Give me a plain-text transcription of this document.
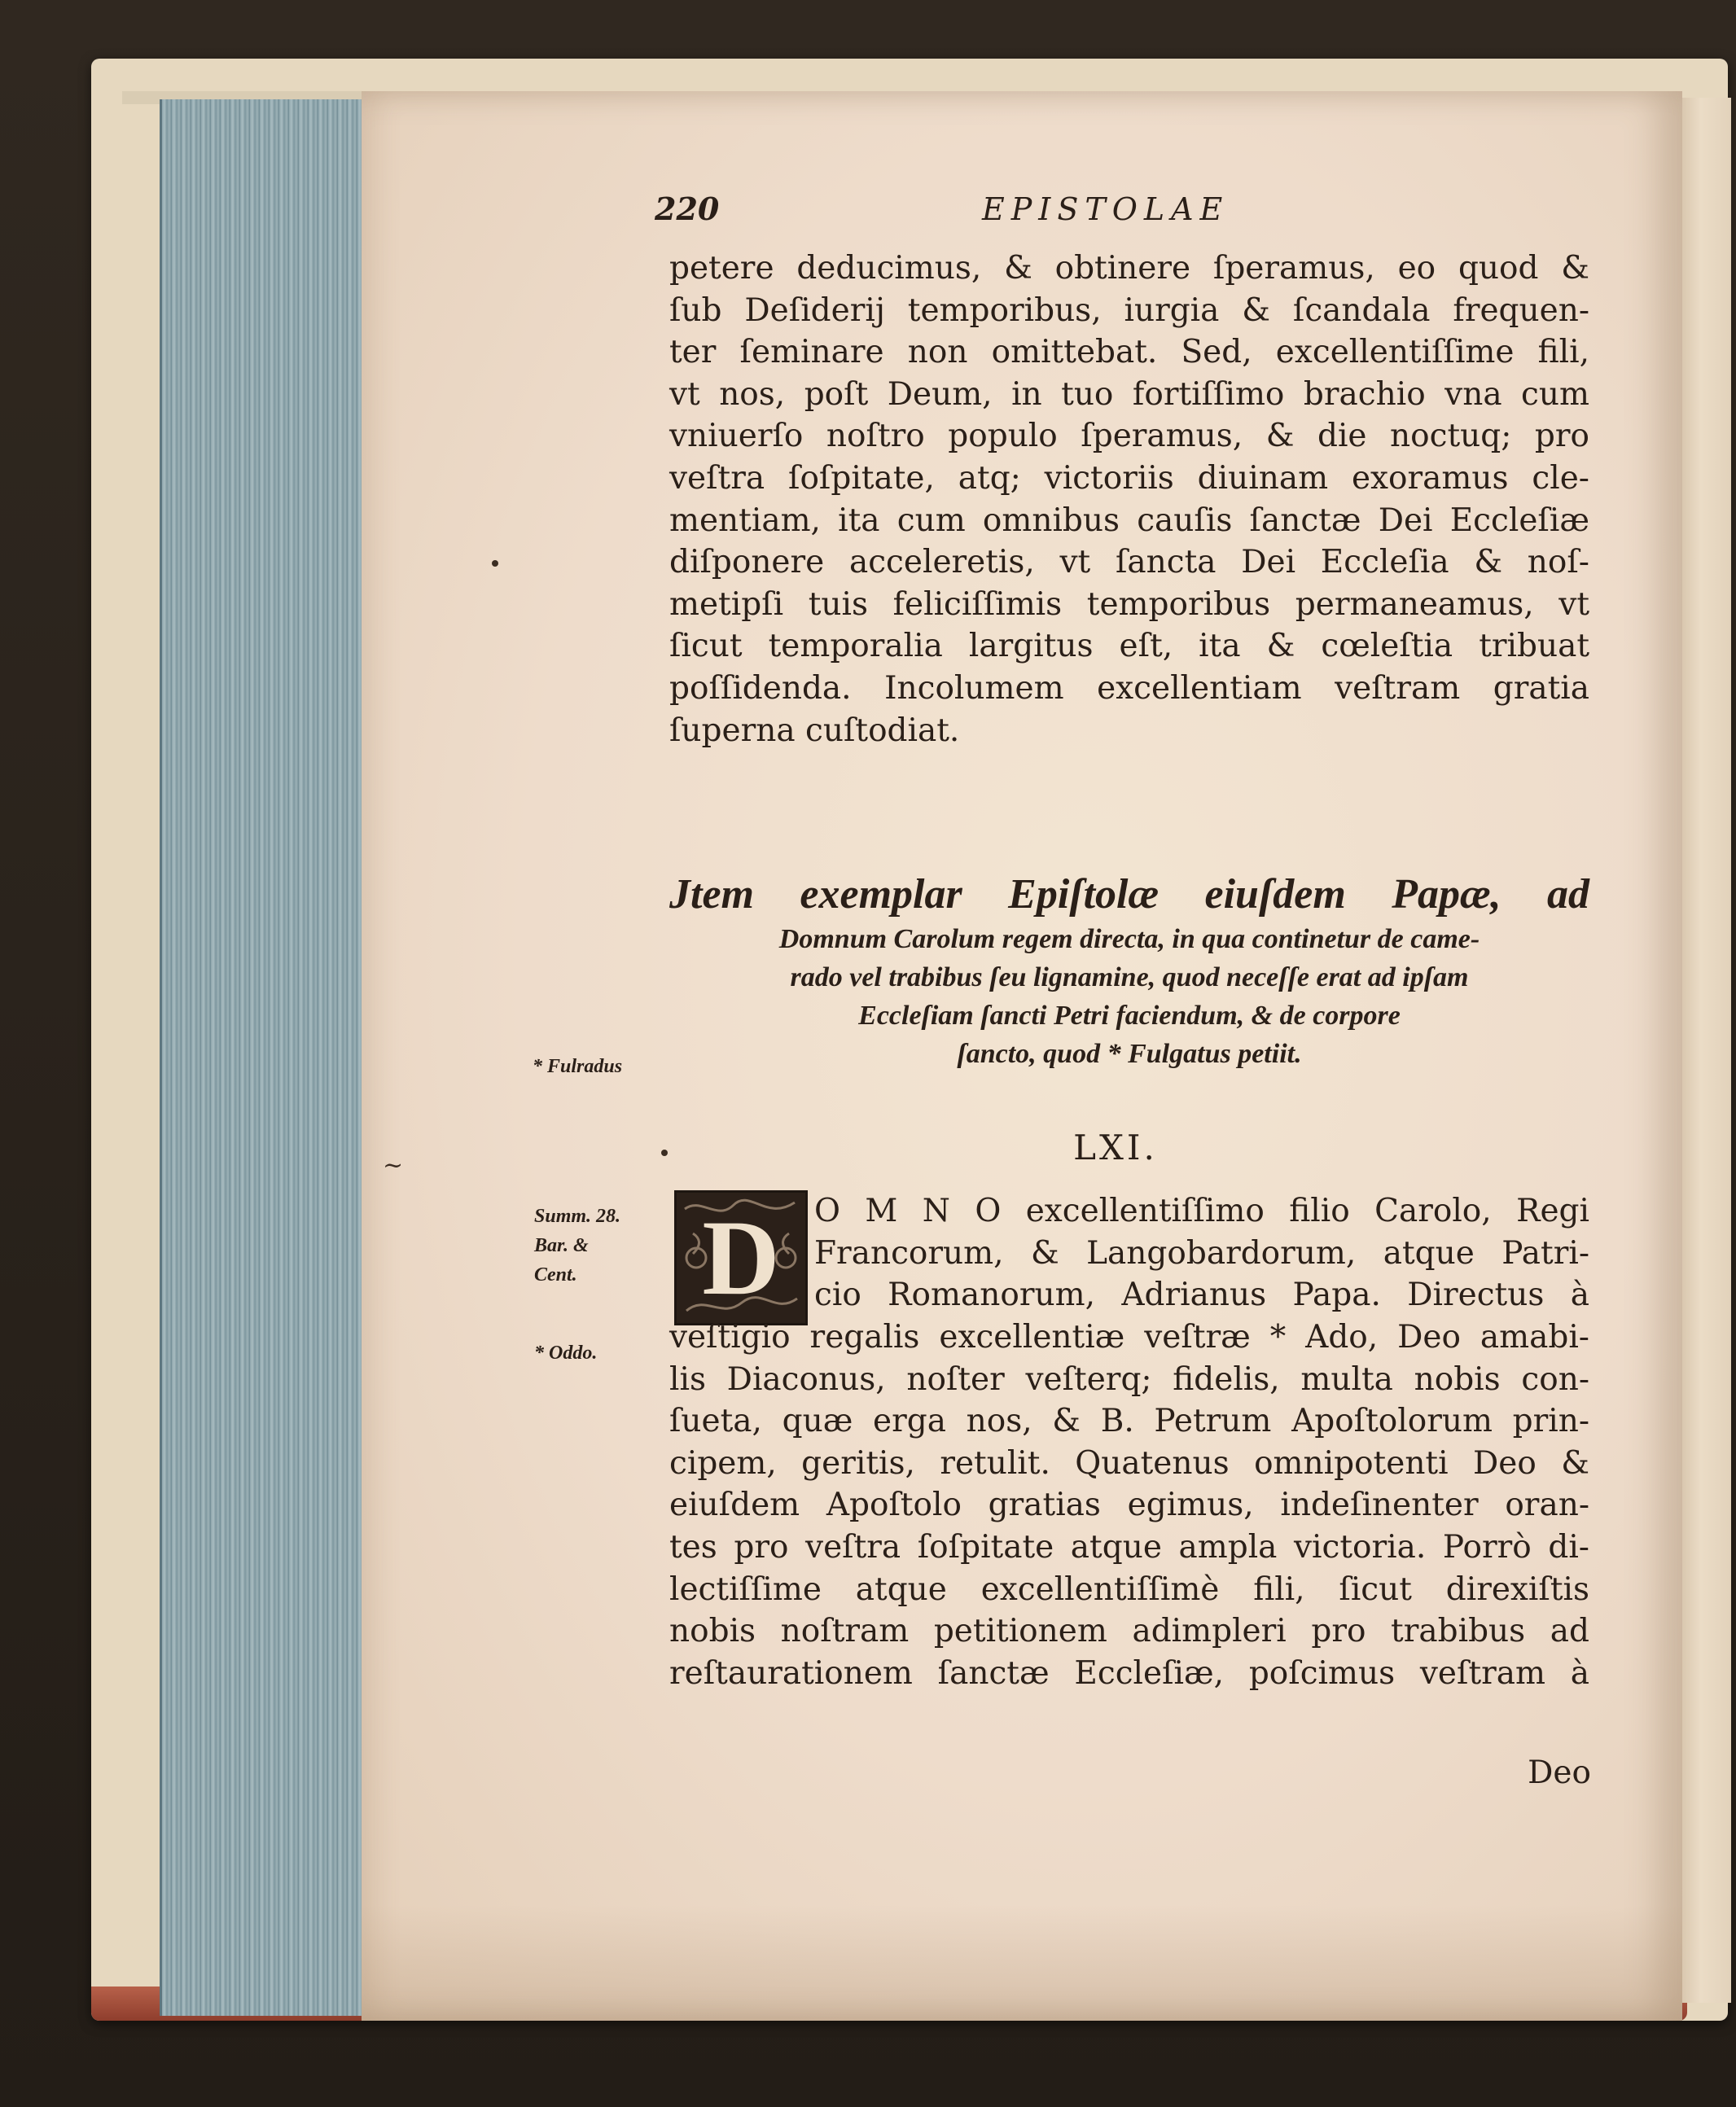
220	EPISTOLAE
petere deducimus, & obtinere ſperamus, eo quod &
ſub Deſiderij temporibus, iurgia & ſcandala frequen-
ter ſeminare non omittebat. Sed, excellentiſſime fili,
vt nos, poſt Deum, in tuo fortiſſimo brachio vna cum
vniuerſo noſtro populo ſperamus, & die noctuq; pro
veſtra ſoſpitate, atq; victoriis diuinam exoramus cle-
mentiam, ita cum omnibus cauſis ſanctæ Dei Eccleſiæ
diſponere acceleretis, vt ſancta Dei Eccleſia & noſ-
metipſi tuis feliciſſimis temporibus permaneamus, vt
ſicut temporalia largitus eſt, ita & cœleſtia tribuat
poſſidenda. Incolumem excellentiam veſtram gratia
ſuperna cuſtodiat.
Jtem exemplar Epiſtolæ eiuſdem Papæ, ad
Domnum Carolum regem directa, in qua continetur de came-
rado vel trabibus ſeu lignamine, quod neceſſe erat ad ipſam
Eccleſiam ſancti Petri faciendum, & de corpore
ſancto, quod * Fulgatus petiit.
LXI.
D O M N O excellentiſſimo filio Carolo, Regi
Francorum, & Langobardorum, atque Patri-
cio Romanorum, Adrianus Papa. Directus à
veſtigio regalis excellentiæ veſtræ * Ado, Deo amabi-
lis Diaconus, noſter veſterq; fidelis, multa nobis con-
ſueta, quæ erga nos, & B. Petrum Apoſtolorum prin-
cipem, geritis, retulit. Quatenus omnipotenti Deo &
eiuſdem Apoſtolo gratias egimus, indeſinenter oran-
tes pro veſtra ſoſpitate atque ampla victoria. Porrò di-
lectiſſime atque excellentiſſimè fili, ſicut direxiſtis
nobis noſtram petitionem adimpleri pro trabibus ad
reſtaurationem ſanctæ Eccleſiæ, poſcimus veſtram à
Deo
* Fulradus
Summ. 28.
Bar. &
Cent.
* Oddo.
~
